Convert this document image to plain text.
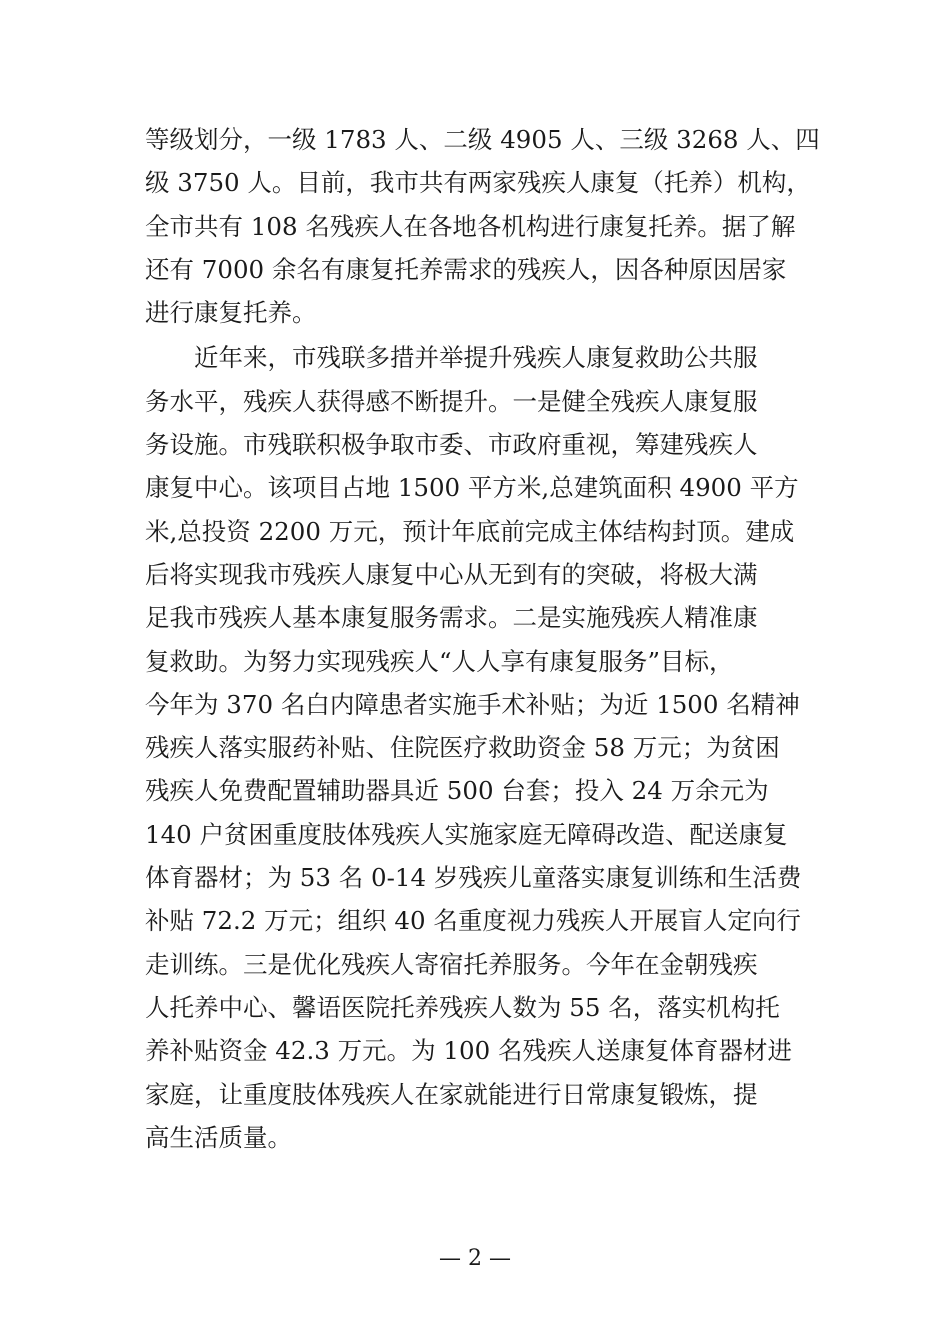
等级划分，一级 1783 人、二级 4905 人、三级 3268 人、四
级 3750 人。目前，我市共有两家残疾人康复（托养）机构，
全市共有 108 名残疾人在各地各机构进行康复托养。据了解
还有 7000 余名有康复托养需求的残疾人，因各种原因居家
进行康复托养。
近年来，市残联多措并举提升残疾人康复救助公共服
务水平，残疾人获得感不断提升。一是健全残疾人康复服
务设施。市残联积极争取市委、市政府重视，筹建残疾人
康复中心。该项目占地 1500 平方米,总建筑面积 4900 平方
米,总投资 2200 万元，预计年底前完成主体结构封顶。建成
后将实现我市残疾人康复中心从无到有的突破，将极大满
足我市残疾人基本康复服务需求。二是实施残疾人精准康
复救助。为努力实现残疾人“人人享有康复服务”目标，
今年为 370 名白内障患者实施手术补贴；为近 1500 名精神
残疾人落实服药补贴、住院医疗救助资金 58 万元；为贫困
残疾人免费配置辅助器具近 500 台套；投入 24 万余元为
140 户贫困重度肢体残疾人实施家庭无障碍改造、配送康复
体育器材；为 53 名 0-14 岁残疾儿童落实康复训练和生活费
补贴 72.2 万元；组织 40 名重度视力残疾人开展盲人定向行
走训练。三是优化残疾人寄宿托养服务。今年在金朝残疾
人托养中心、馨语医院托养残疾人数为 55 名，落实机构托
养补贴资金 42.3 万元。为 100 名残疾人送康复体育器材进
家庭，让重度肢体残疾人在家就能进行日常康复锻炼，提
高生活质量。
— 2 —
